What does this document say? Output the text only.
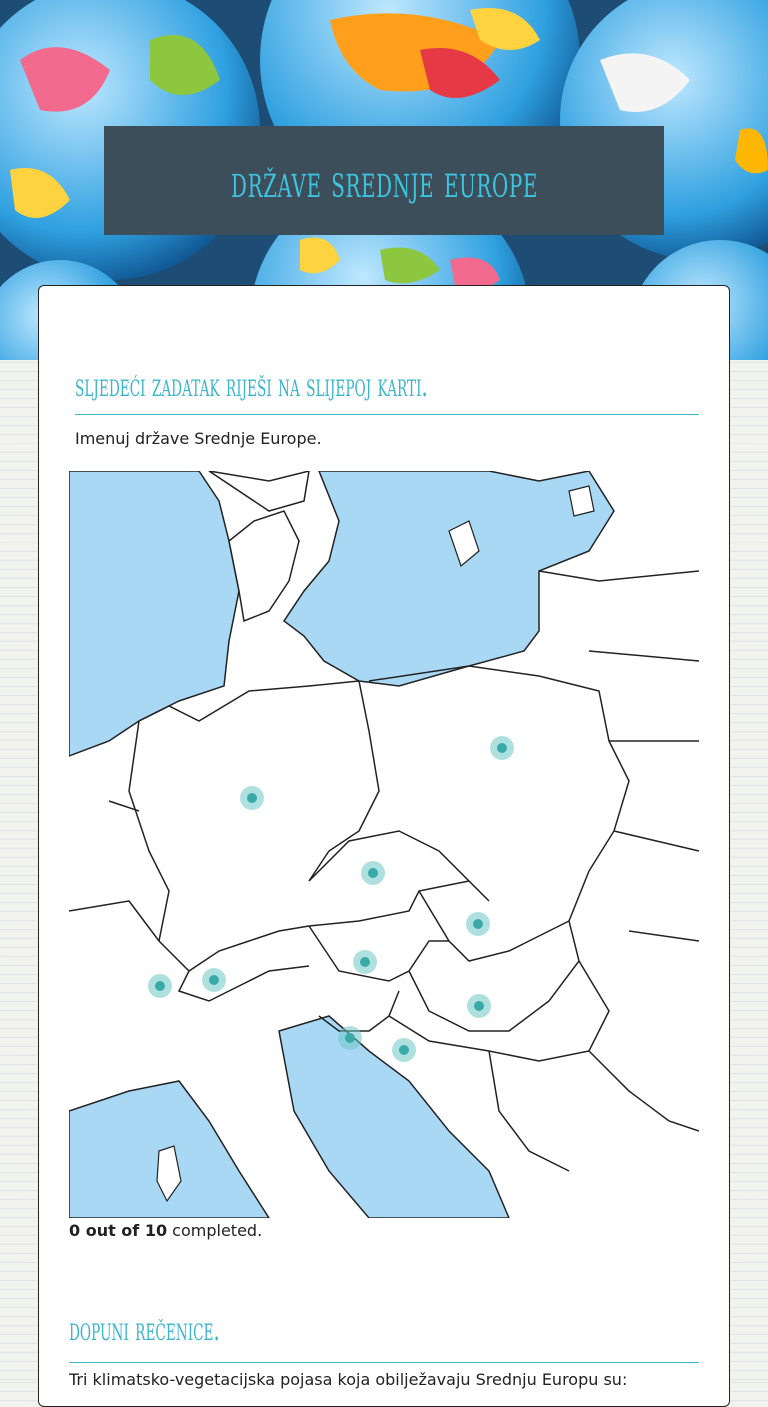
države srednje europe
sljedeći zadatak riješi na slijepoj karti.
Imenuj države Srednje Europe.
0 out of 10 completed.
dopuni rečenice.
Tri klimatsko-vegetacijska pojasa koja obilježavaju Srednju Europu su:
